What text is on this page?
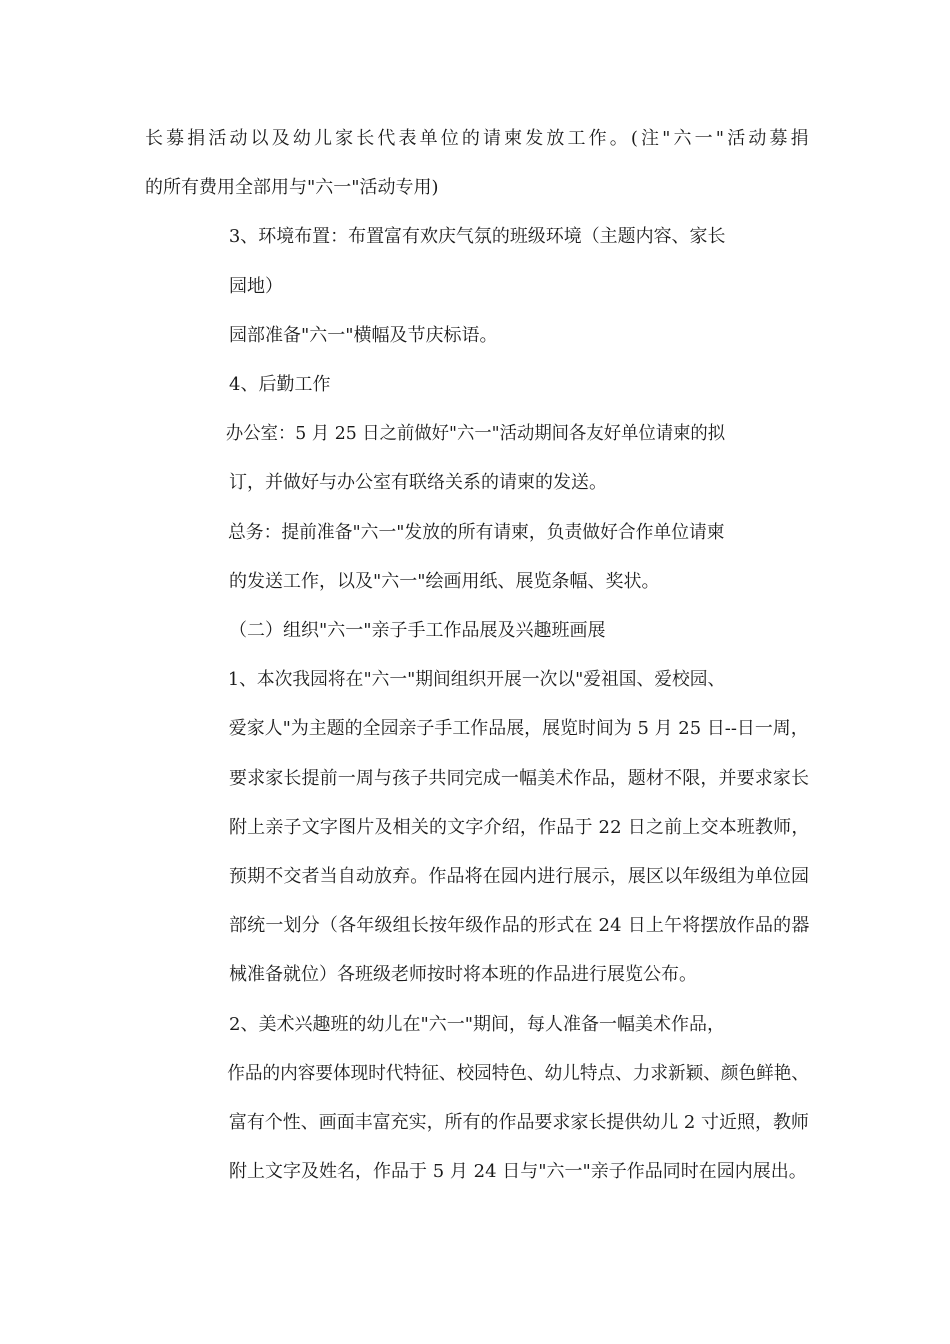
长募捐活动以及幼儿家长代表单位的请柬发放工作。(注"六一"活动募捐
的所有费用全部用与"六一"活动专用)
3、环境布置：布置富有欢庆气氛的班级环境（主题内容、家长
园地）
园部准备"六一"横幅及节庆标语。
4、后勤工作
办公室：5 月 25 日之前做好"六一"活动期间各友好单位请柬的拟
订，并做好与办公室有联络关系的请柬的发送。
总务：提前准备"六一"发放的所有请柬，负责做好合作单位请柬
的发送工作，以及"六一"绘画用纸、展览条幅、奖状。
（二）组织"六一"亲子手工作品展及兴趣班画展
1、本次我园将在"六一"期间组织开展一次以"爱祖国、爱校园、
爱家人"为主题的全园亲子手工作品展，展览时间为 5 月 25 日--日一周，
要求家长提前一周与孩子共同完成一幅美术作品，题材不限，并要求家长
附上亲子文字图片及相关的文字介绍，作品于 22 日之前上交本班教师，
预期不交者当自动放弃。作品将在园内进行展示，展区以年级组为单位园
部统一划分（各年级组长按年级作品的形式在 24 日上午将摆放作品的器
械准备就位）各班级老师按时将本班的作品进行展览公布。
2、美术兴趣班的幼儿在"六一"期间，每人准备一幅美术作品，
作品的内容要体现时代特征、校园特色、幼儿特点、力求新颖、颜色鲜艳、
富有个性、画面丰富充实，所有的作品要求家长提供幼儿 2 寸近照，教师
附上文字及姓名，作品于 5 月 24 日与"六一"亲子作品同时在园内展出。
